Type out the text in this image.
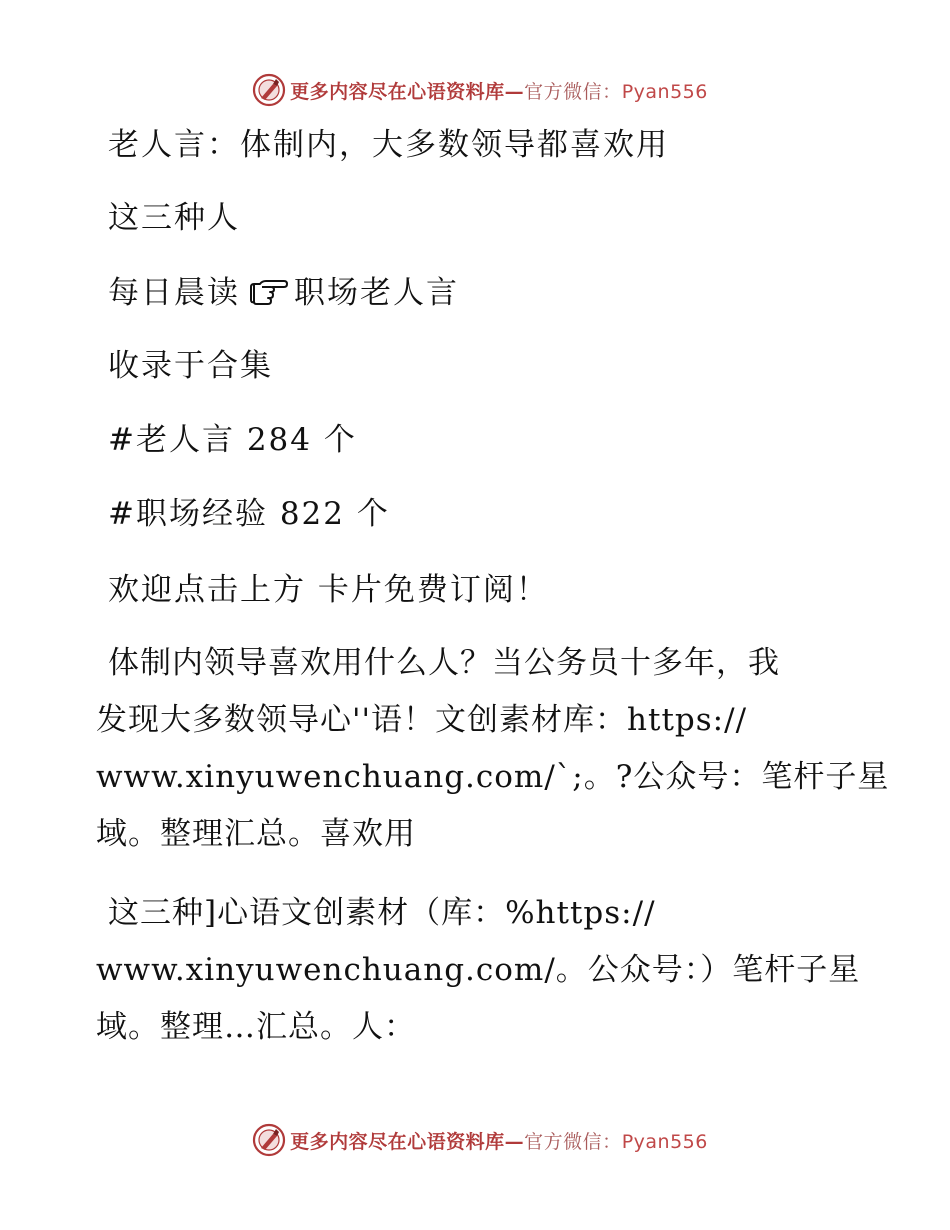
更多内容尽在心语资料库—官方微信：Pyan556
老人言：体制内，大多数领导都喜欢用
这三种人
每日晨读 职场老人言
收录于合集
#老人言 284 个
#职场经验 822 个
欢迎点击上方 卡片免费订阅！
体制内领导喜欢用什么人？当公务员十多年，我
发现大多数领导心''语！文创素材库：https://
www.xinyuwenchuang.com/`;。?公众号：笔杆子星
域。整理汇总。喜欢用
这三种]心语文创素材（库：%https://
www.xinyuwenchuang.com/。公众号：）笔杆子星
域。整理…汇总。人：
更多内容尽在心语资料库—官方微信：Pyan556
